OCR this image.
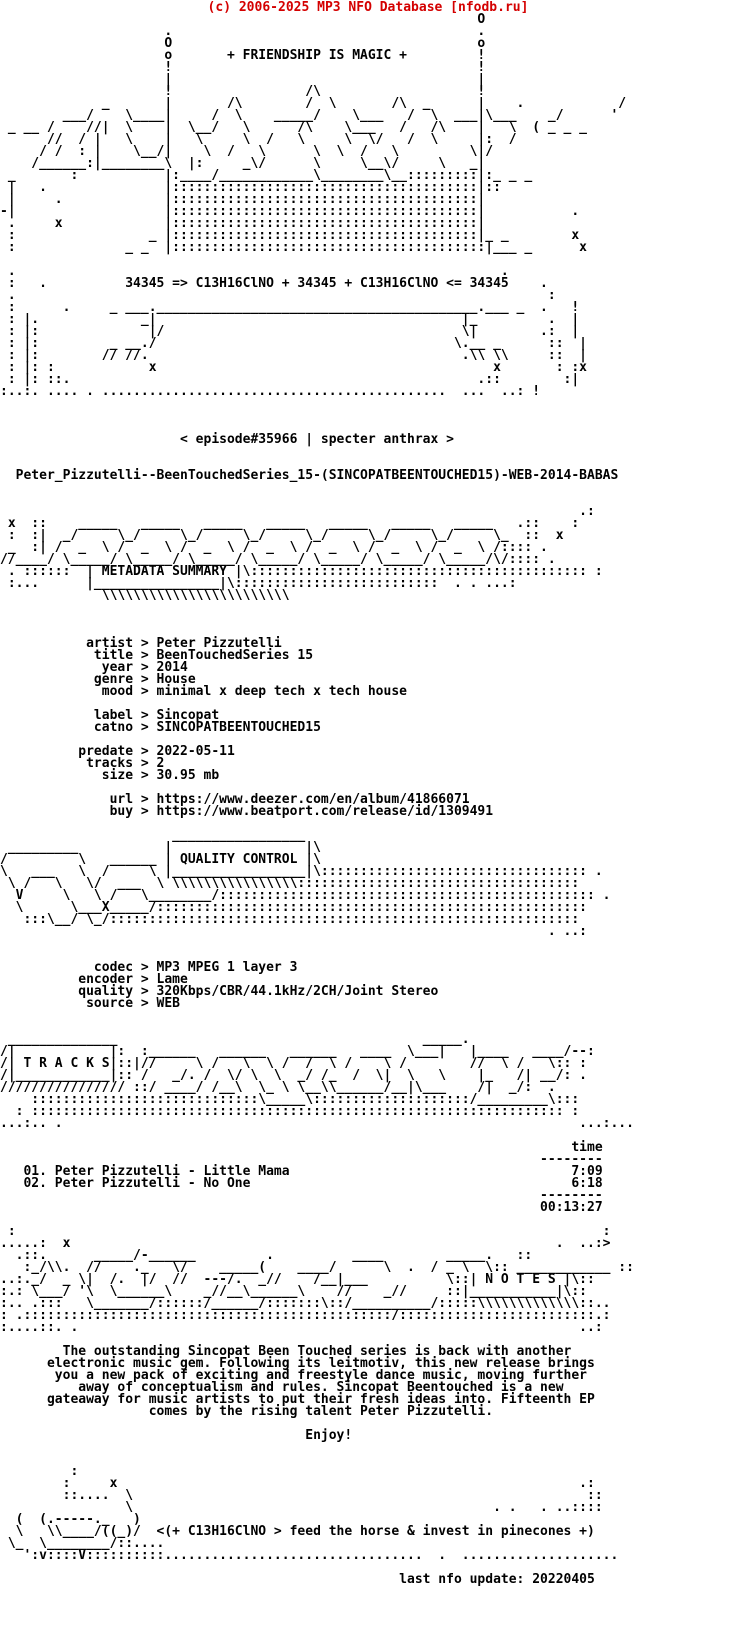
(c) 2006-2025 MP3 NFO Database [nfodb.ru]
O
.                                       .
O                                       o
o       + FRIENDSHIP IS MAGIC +         !
!                                       !
|                                       |
!                 /\                    !
_       |       /\        /  \       /\  _      |    .            /
___/    \____|     /  \    _____/    \___   /  \  ___|\___    _/      '
_ __ /    //|  \    |  \__/   \      /\    \___   /   /\    |   \  ( _ _ _
//  / |   \    |   \     \  /   \     \  \/   /  \     |:  /
/ /  : |    \__/|    \  /   \      \  \  /   \         \|/
/______:|________\  |:     _\/      \     \__\/     \   _|
_       :           |:____/____________\________\__:::::::::|:_ _ _
|   .               |:::::::::::::::::::::::::::::::::::::::|::
|     .             |:::::::::::::::::::::::::::::::::::::::|
-|                   |:::::::::::::::::::::::::::::::::::::::|           .
.     x             |:::::::::::::::::::::::::::::::::::::::|
:                 _ |:::::::::::::::::::::::::::::::::::::::|_ _        x
:              _ _  |::::::::::::::::::::::::::::::::::::::::|___ _      x

.                                                              .
:   .          34345 => C13H16ClNO + 34345 + C13H16ClNO <= 34345    .
.                                                                    :
:      .     _ ___._________________________________________.___ _  .   !
: |.             _|                                       |_         .  |
: |:              |/                                      \|        .:  |
: |:         _ __./                                      \.__ _      ::  |
: |:        // //.                                        .\\ \\     ::  |
: |: :            x                                           x       : :x
: |: ::.                                                    .::        :|
:..:. .... . ............................................  ...  ..: !

< episode#35966 | specter anthrax >

Peter_Pizzutelli--BeenTouchedSeries_15-(SINCOPATBEENTOUCHED15)-WEB-2014-BABAS

.:
x  ::    _____   _____   _____   _____   _____   _____   _____   .::    :
:  :|  _/     \_/     \_/     \_/     \_/     \_/     \_/     \_  ::  x
_  :| /  _  \ /  _  \ /  _  \ /  _  \ /  _  \ /  _  \ /  _  \ /:::: .
//____/ \_____/ \_____/ \_____/ \_____/ \_____/ \_____/ \_____/\/:::: .
. ::::::  | METADATA SUMMARY |\::::::::::::::::::::::::::::::::::::::::::: :
:...      |________________|\::::::::::::::::::::::::::  . . ...:
\\\\\\\\\\\\\\\\\\\\\\\\

artist > Peter Pizzutelli
title > BeenTouchedSeries 15
year > 2014
genre > House
mood > minimal x deep tech x tech house

label > Sincopat
catno > SINCOPATBEENTOUCHED15

predate > 2022-05-11
tracks > 2
size > 30.95 mb

url > https://www.deezer.com/en/album/41866071
buy > https://www.beatport.com/release/id/1309491

_________________
_________           |                 |\
/         \   ______ | QUALITY CONTROL |\
\   ___   \  /     \ |_________________|\:::::::::::::::::::::::::::::::::: .
\ /   \   \/  ___  \ \\\\\\\\\\\\\\\\::::::::::::::::::::::::::::::::::::
V     \   \ /   \________/:::::::::::::::::::::::::::::::::::::::::::::::: .
\      \___X_____/:::::::::::::::::::::::::::::::::::::::::::::::::::::::
:::\__/ \_/::::::::::::::::::::::::::::::::::::::::::::::::::::::::::::
. ..:

codec > MP3 MPEG 1 layer 3
encoder > Lame
quality > 320Kbps/CBR/44.1kHz/2CH/Joint Stereo
source > WEB

______________                                       _____.
/|            |:  :______   ______   ______   ____  \___|   |____   ____/--:
/| T R A C K S|::|//     \ /   \  \ /  /  \ /    \ /        //  \ /   \:: :
/|____________|:: /   _/. /  \/ \  \  _/ /_  /  \|  \   \    |_   /| __/: .
//////////////// ::/ ____/ /__\  \_ \ \__\\______/__|\___    /|  _/:  .
:::::::::::::::::::::::::::::\_____\::::::::::::::::::::/_________\:::
: :::::::::::::::::::::::::::::::::::::::::::::::::::::::::::::::::::: :
...:.. .                                                                  ...:...

time
--------
01. Peter Pizzutelli - Little Mama                                    7:09
02. Peter Pizzutelli - No One                                         6:18
--------
00:13:27

:                                                                           :
.....:  x                                                              .  ..:>
.::.      _____/-______         .          ____        _____.   ::
:_/\\.  //    ._   \/    _____(    ____/      \  .  / _ \  \:: ____________ ::
..:._/  _ \|  /.  |/  //  ---/.  _//    /__|___          \::| N O T E S |\::
:.: \___/ '\  \______\    _//__\______\    //    _//     ::|___________|\::
:.. .:::   \_______/::::::/______/:::::::\::/__________/:::::\\\\\\\\\\\\\::..
: .:::::::::::::::::::::::::::::::::::::::::::::::/:::::::::::::::::::::::::.:
:....::. .                                                                ..:

The outstanding Sincopat Been Touched series is back with another
electronic music gem. Following its leitmotiv, this new release brings
you a new pack of exciting and freestyle dance music, moving further
away of conceptualism and rules. Sincopat Beentouched is a new
gateaway for music artists to put their fresh ideas into. Fifteenth EP
comes by the rising talent Peter Pizzutelli.

Enjoy!

:
:     x                                                           .:
::....  \                                                          ::
\                                              . .   . ..::::
(  (.-----._   )
\   \\____/((_)/  <(+ C13H16ClNO > feed the horse & invest in pinecones +)
\_  \________/::....
':v::::V::::::::::.................................  .  ....................

last nfo update: 20220405
